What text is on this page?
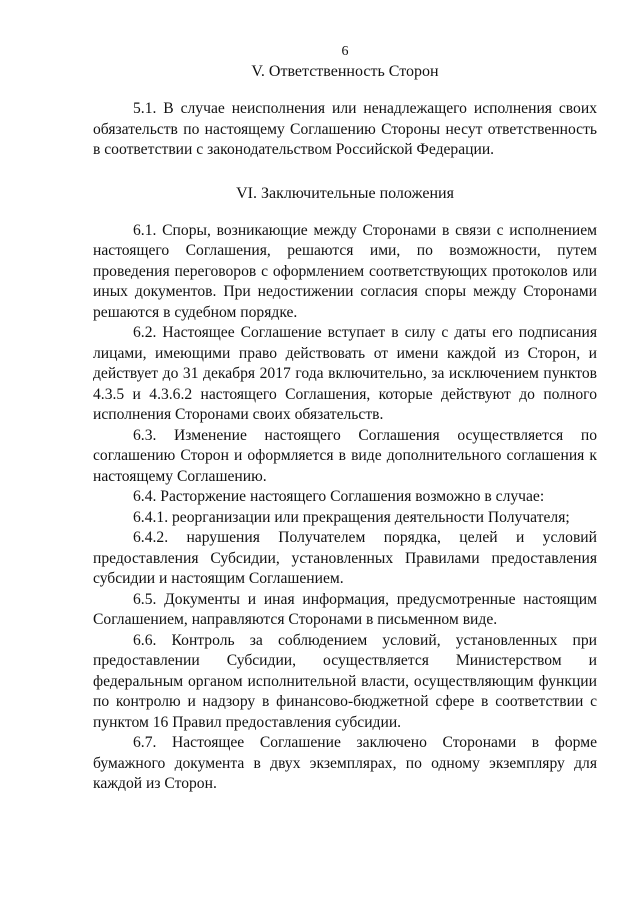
6
V. Ответственность Сторон

5.1. В случае неисполнения или ненадлежащего исполнения своих обязательств по настоящему Соглашению Стороны несут ответственность в соответствии с законодательством Российской Федерации.

VI. Заключительные положения

6.1. Споры, возникающие между Сторонами в связи с исполнением настоящего Соглашения, решаются ими, по возможности, путем проведения переговоров с оформлением соответствующих протоколов или иных документов. При недостижении согласия споры между Сторонами решаются в судебном порядке.

6.2. Настоящее Соглашение вступает в силу с даты его подписания лицами, имеющими право действовать от имени каждой из Сторон, и действует до 31 декабря 2017 года включительно, за исключением пунктов 4.3.5 и 4.3.6.2 настоящего Соглашения, которые действуют до полного исполнения Сторонами своих обязательств.

6.3. Изменение настоящего Соглашения осуществляется по соглашению Сторон и оформляется в виде дополнительного соглашения к настоящему Соглашению.

6.4. Расторжение настоящего Соглашения возможно в случае:

6.4.1. реорганизации или прекращения деятельности Получателя;

6.4.2. нарушения Получателем порядка, целей и условий предоставления Субсидии, установленных Правилами предоставления субсидии и настоящим Соглашением.

6.5. Документы и иная информация, предусмотренные настоящим Соглашением, направляются Сторонами в письменном виде.

6.6. Контроль за соблюдением условий, установленных при предоставлении Субсидии, осуществляется Министерством и федеральным органом исполнительной власти, осуществляющим функции по контролю и надзору в финансово-бюджетной сфере в соответствии с пунктом 16 Правил предоставления субсидии.

6.7. Настоящее Соглашение заключено Сторонами в форме бумажного документа в двух экземплярах, по одному экземпляру для каждой из Сторон.
